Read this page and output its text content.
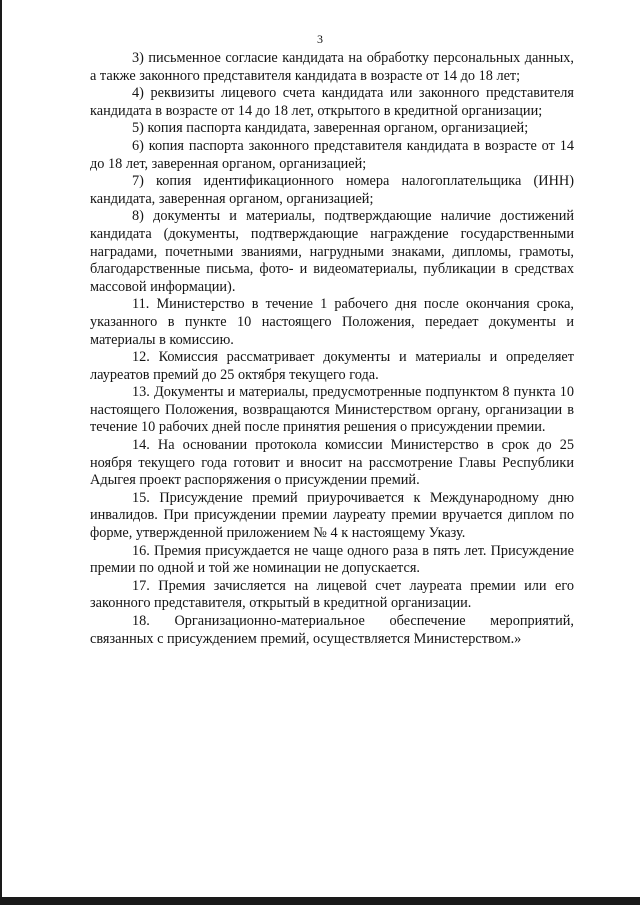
3

3) письменное согласие кандидата на обработку персональных данных, а также законного представителя кандидата в возрасте от 14 до 18 лет;

4) реквизиты лицевого счета кандидата или законного представителя кандидата в возрасте от 14 до 18 лет, открытого в кредитной организации;

5) копия паспорта кандидата, заверенная органом, организацией;

6) копия паспорта законного представителя кандидата в возрасте от 14 до 18 лет, заверенная органом, организацией;

7) копия идентификационного номера налогоплательщика (ИНН) кандидата, заверенная органом, организацией;

8) документы и материалы, подтверждающие наличие достижений кандидата (документы, подтверждающие награждение государственными наградами, почетными званиями, нагрудными знаками, дипломы, грамоты, благодарственные письма, фото- и видеоматериалы, публикации в средствах массовой информации).

11. Министерство в течение 1 рабочего дня после окончания срока, указанного в пункте 10 настоящего Положения, передает документы и материалы в комиссию.

12. Комиссия рассматривает документы и материалы и определяет лауреатов премий до 25 октября текущего года.

13. Документы и материалы, предусмотренные подпунктом 8 пункта 10 настоящего Положения, возвращаются Министерством органу, организации в течение 10 рабочих дней после принятия решения о присуждении премии.

14. На основании протокола комиссии Министерство в срок до 25 ноября текущего года готовит и вносит на рассмотрение Главы Республики Адыгея проект распоряжения о присуждении премий.

15. Присуждение премий приурочивается к Международному дню инвалидов. При присуждении премии лауреату премии вручается диплом по форме, утвержденной приложением № 4 к настоящему Указу.

16. Премия присуждается не чаще одного раза в пять лет. Присуждение премии по одной и той же номинации не допускается.

17. Премия зачисляется на лицевой счет лауреата премии или его законного представителя, открытый в кредитной организации.

18. Организационно-материальное обеспечение мероприятий, связанных с присуждением премий, осуществляется Министерством.»
